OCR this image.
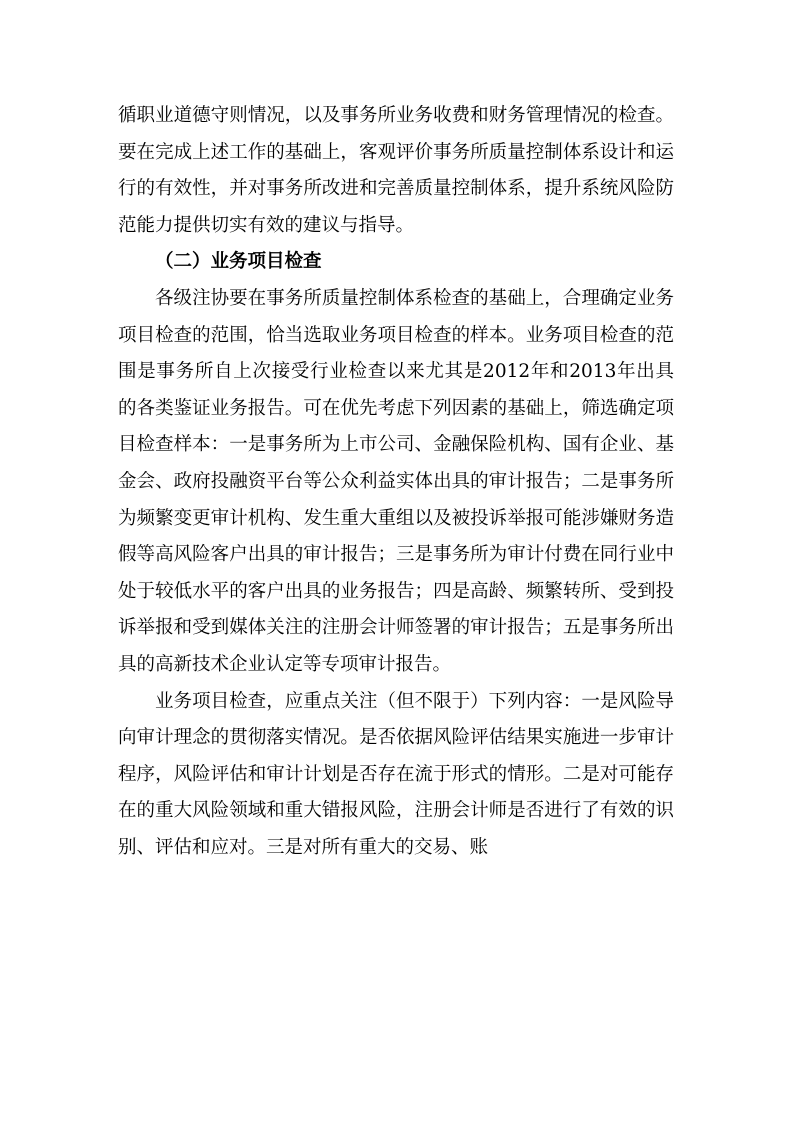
循职业道德守则情况，以及事务所业务收费和财务管理情况的检查。要在完成上述工作的基础上，客观评价事务所质量控制体系设计和运行的有效性，并对事务所改进和完善质量控制体系，提升系统风险防范能力提供切实有效的建议与指导。

（二）业务项目检查

各级注协要在事务所质量控制体系检查的基础上，合理确定业务项目检查的范围，恰当选取业务项目检查的样本。业务项目检查的范围是事务所自上次接受行业检查以来尤其是2012年和2013年出具的各类鉴证业务报告。可在优先考虑下列因素的基础上，筛选确定项目检查样本：一是事务所为上市公司、金融保险机构、国有企业、基金会、政府投融资平台等公众利益实体出具的审计报告；二是事务所为频繁变更审计机构、发生重大重组以及被投诉举报可能涉嫌财务造假等高风险客户出具的审计报告；三是事务所为审计付费在同行业中处于较低水平的客户出具的业务报告；四是高龄、频繁转所、受到投诉举报和受到媒体关注的注册会计师签署的审计报告；五是事务所出具的高新技术企业认定等专项审计报告。

业务项目检查，应重点关注（但不限于）下列内容：一是风险导向审计理念的贯彻落实情况。是否依据风险评估结果实施进一步审计程序，风险评估和审计计划是否存在流于形式的情形。二是对可能存在的重大风险领域和重大错报风险，注册会计师是否进行了有效的识别、评估和应对。三是对所有重大的交易、账
